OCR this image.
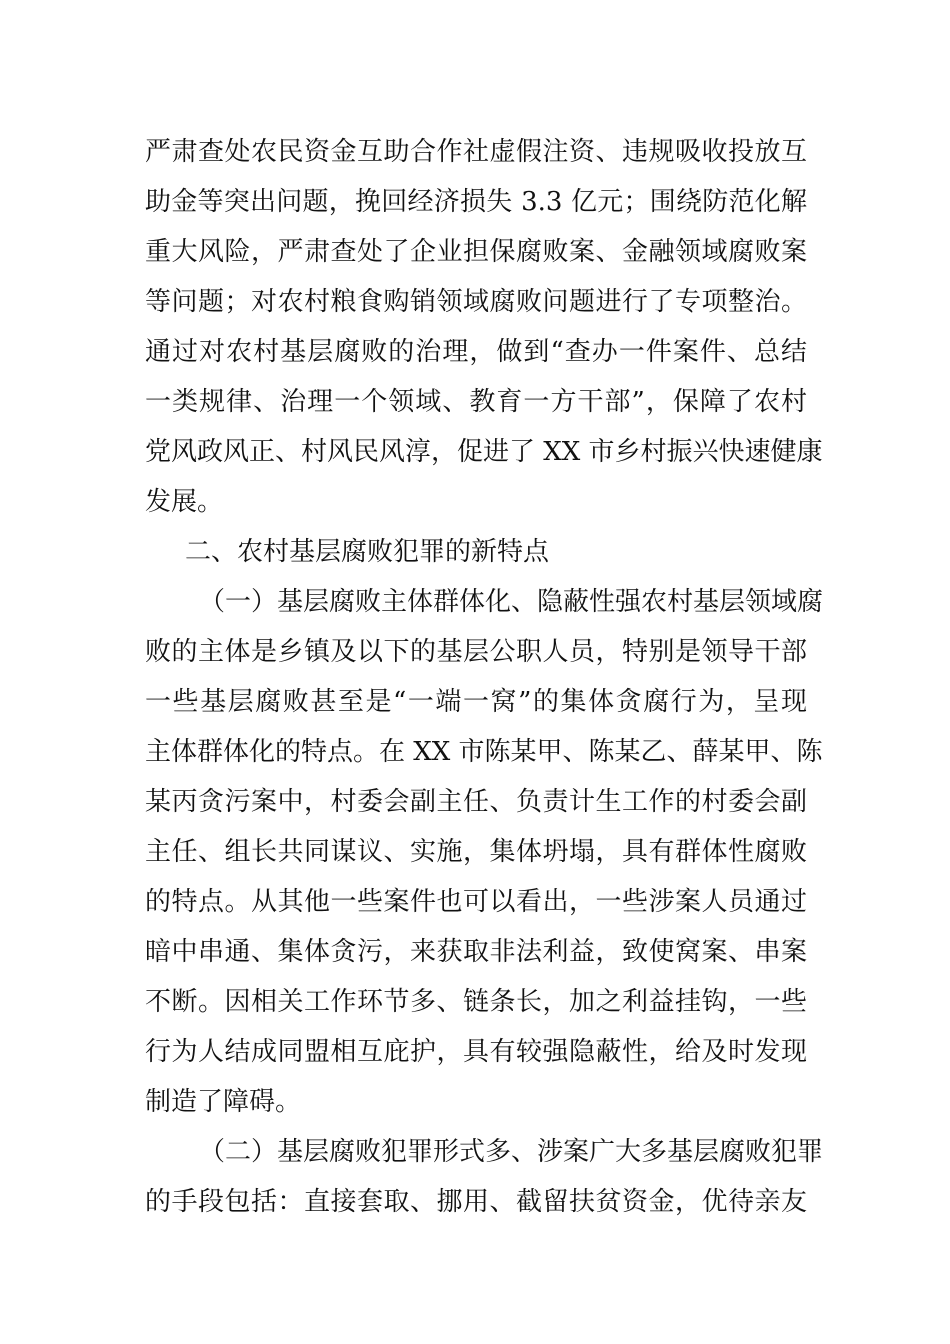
严肃查处农民资金互助合作社虚假注资、违规吸收投放互
助金等突出问题，挽回经济损失 3.3 亿元；围绕防范化解
重大风险，严肃查处了企业担保腐败案、金融领域腐败案
等问题；对农村粮食购销领域腐败问题进行了专项整治。
通过对农村基层腐败的治理，做到“查办一件案件、总结
一类规律、治理一个领域、教育一方干部”，保障了农村
党风政风正、村风民风淳，促进了 XX 市乡村振兴快速健康
发展。
二、农村基层腐败犯罪的新特点
（一）基层腐败主体群体化、隐蔽性强农村基层领域腐
败的主体是乡镇及以下的基层公职人员，特别是领导干部
一些基层腐败甚至是“一端一窝”的集体贪腐行为，呈现
主体群体化的特点。在 XX 市陈某甲、陈某乙、薛某甲、陈
某丙贪污案中，村委会副主任、负责计生工作的村委会副
主任、组长共同谋议、实施，集体坍塌，具有群体性腐败
的特点。从其他一些案件也可以看出，一些涉案人员通过
暗中串通、集体贪污，来获取非法利益，致使窝案、串案
不断。因相关工作环节多、链条长，加之利益挂钩，一些
行为人结成同盟相互庇护，具有较强隐蔽性，给及时发现
制造了障碍。
（二）基层腐败犯罪形式多、涉案广大多基层腐败犯罪
的手段包括：直接套取、挪用、截留扶贫资金，优待亲友
